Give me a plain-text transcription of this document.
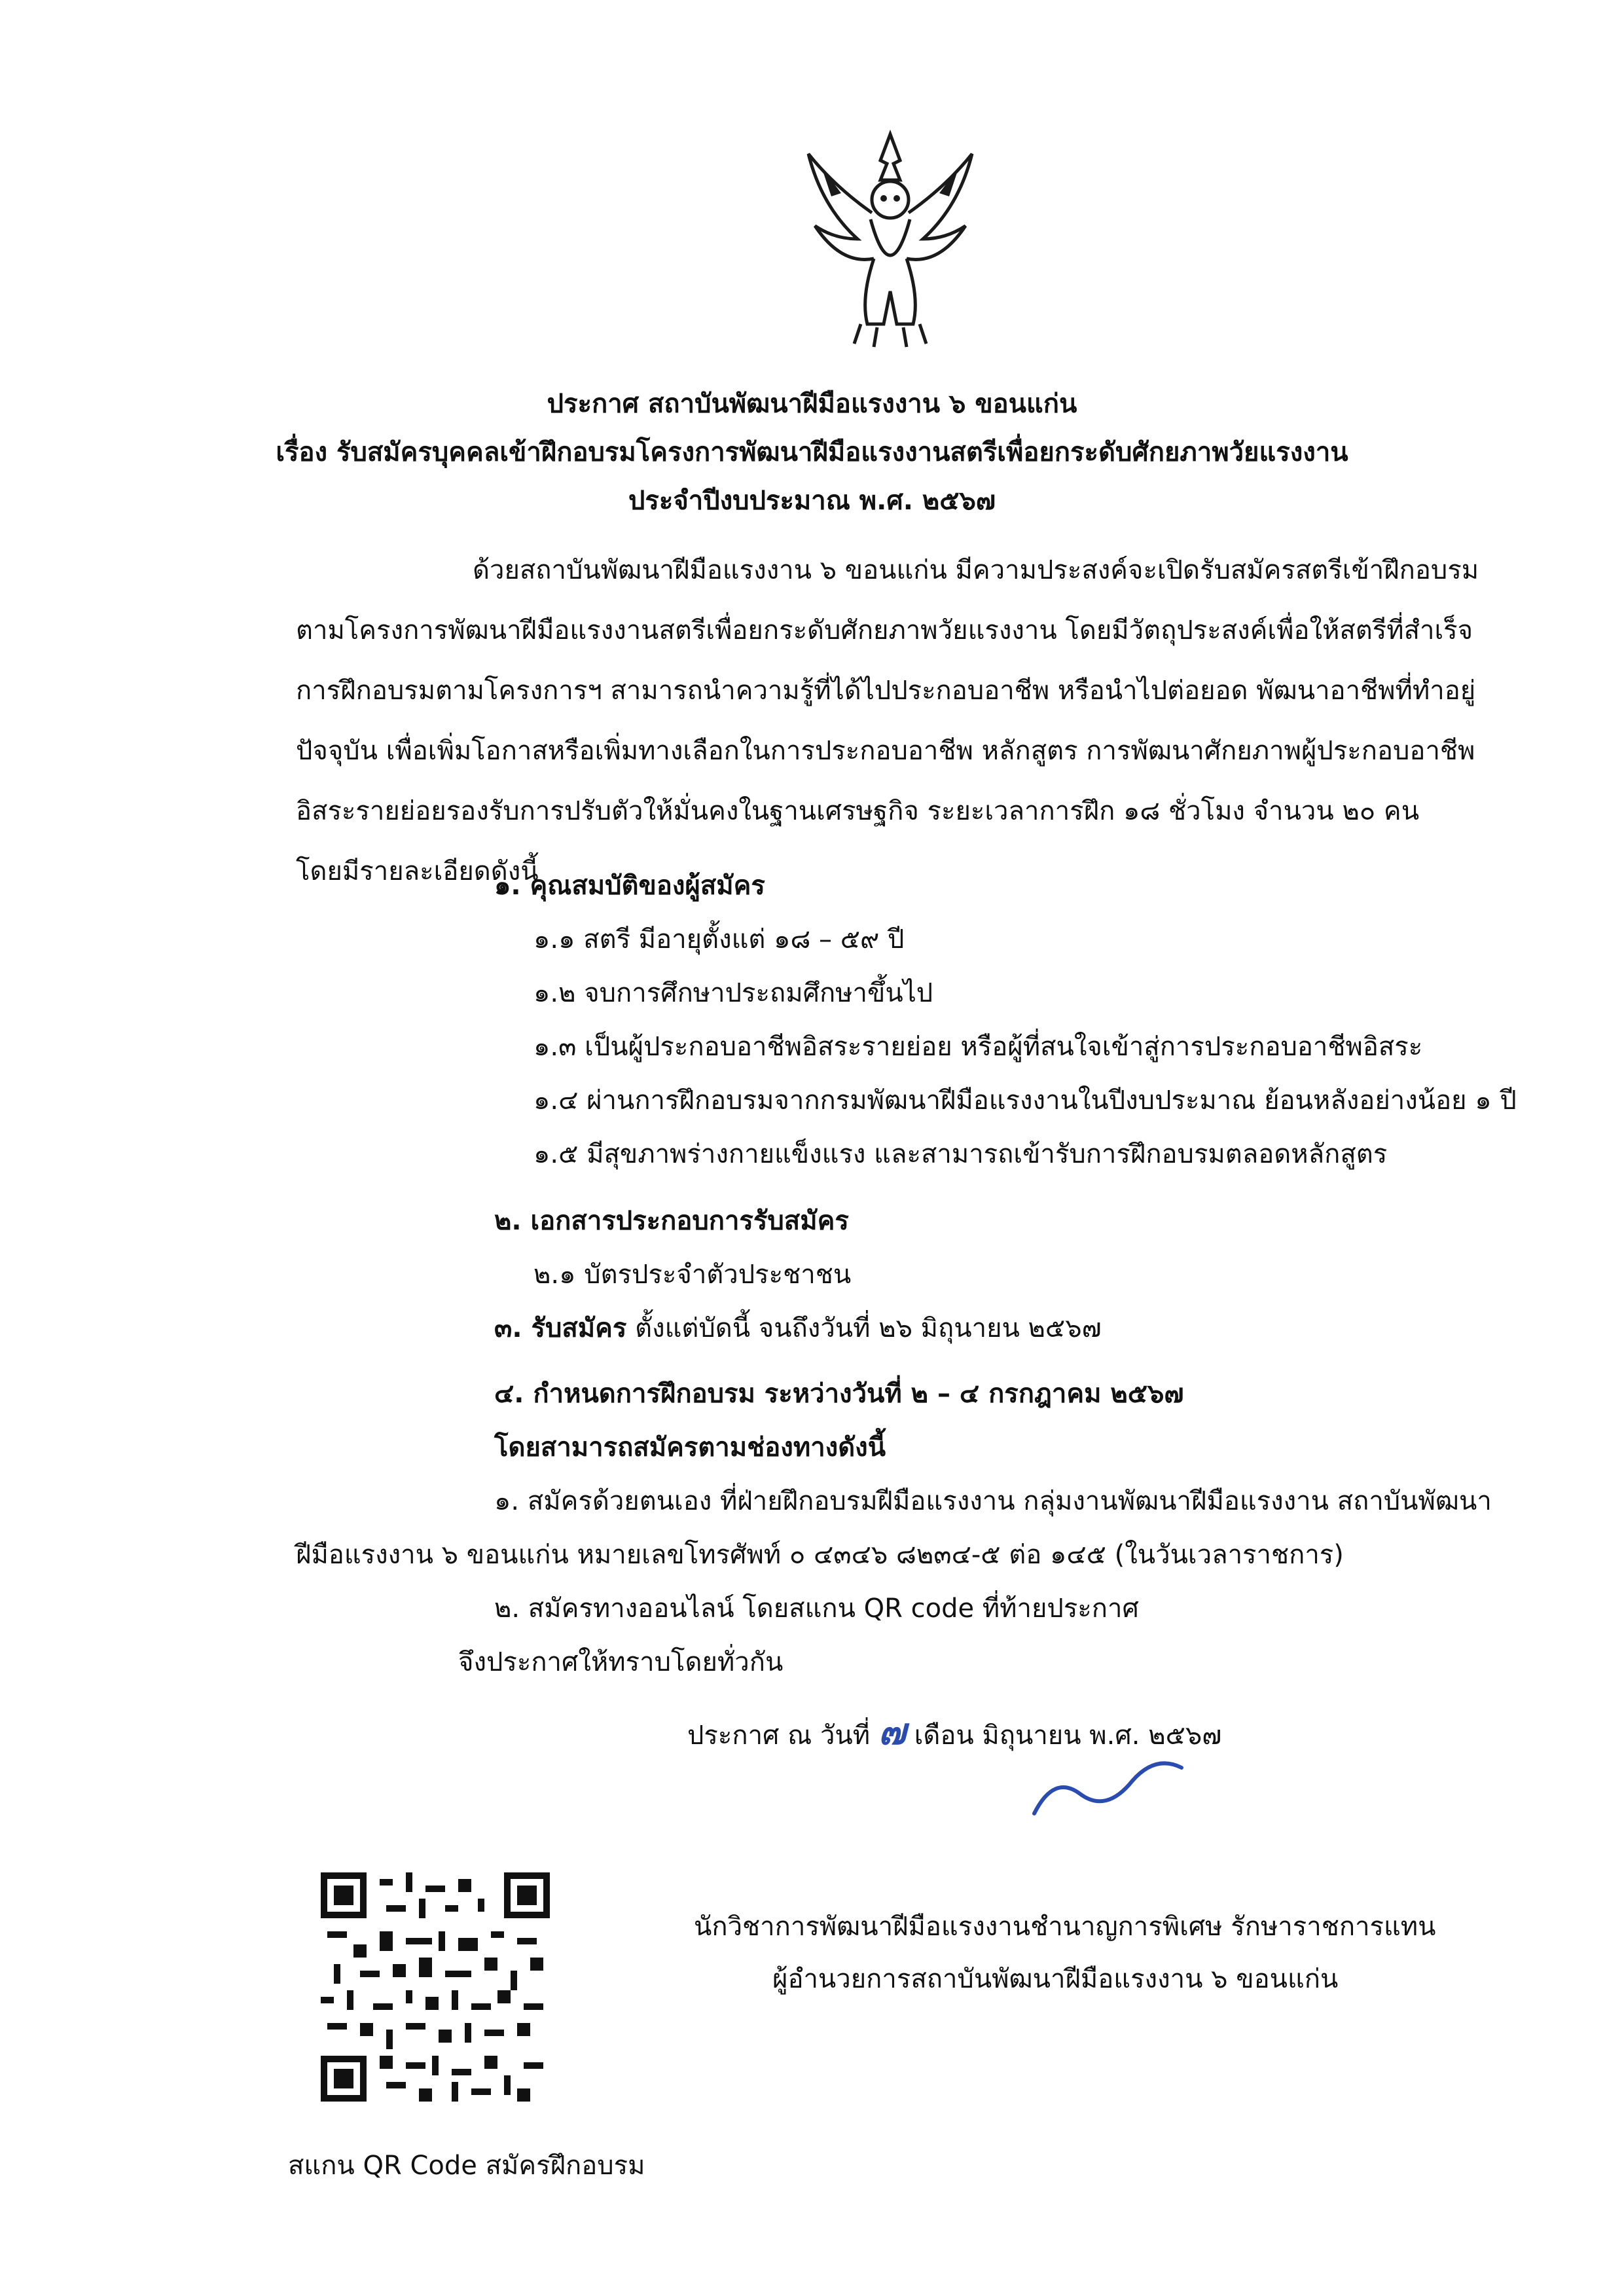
ประกาศ สถาบันพัฒนาฝีมือแรงงาน ๖ ขอนแก่น
เรื่อง รับสมัครบุคคลเข้าฝึกอบรมโครงการพัฒนาฝีมือแรงงานสตรีเพื่อยกระดับศักยภาพวัยแรงงาน
ประจำปีงบประมาณ พ.ศ. ๒๕๖๗
ด้วยสถาบันพัฒนาฝีมือแรงงาน ๖ ขอนแก่น มีความประสงค์จะเปิดรับสมัครสตรีเข้าฝึกอบรม
ตามโครงการพัฒนาฝีมือแรงงานสตรีเพื่อยกระดับศักยภาพวัยแรงงาน โดยมีวัตถุประสงค์เพื่อให้สตรีที่สำเร็จ
การฝึกอบรมตามโครงการฯ สามารถนำความรู้ที่ได้ไปประกอบอาชีพ หรือนำไปต่อยอด พัฒนาอาชีพที่ทำอยู่
ปัจจุบัน เพื่อเพิ่มโอกาสหรือเพิ่มทางเลือกในการประกอบอาชีพ หลักสูตร การพัฒนาศักยภาพผู้ประกอบอาชีพ
อิสระรายย่อยรองรับการปรับตัวให้มั่นคงในฐานเศรษฐกิจ ระยะเวลาการฝึก ๑๘ ชั่วโมง จำนวน ๒๐ คน
โดยมีรายละเอียดดังนี้
๑. คุณสมบัติของผู้สมัคร
๑.๑ สตรี มีอายุตั้งแต่ ๑๘ – ๕๙ ปี
๑.๒ จบการศึกษาประถมศึกษาขึ้นไป
๑.๓ เป็นผู้ประกอบอาชีพอิสระรายย่อย หรือผู้ที่สนใจเข้าสู่การประกอบอาชีพอิสระ
๑.๔ ผ่านการฝึกอบรมจากกรมพัฒนาฝีมือแรงงานในปีงบประมาณ ย้อนหลังอย่างน้อย ๑ ปี
๑.๕ มีสุขภาพร่างกายแข็งแรง และสามารถเข้ารับการฝึกอบรมตลอดหลักสูตร
๒. เอกสารประกอบการรับสมัคร
๒.๑ บัตรประจำตัวประชาชน
๓. รับสมัคร ตั้งแต่บัดนี้ จนถึงวันที่ ๒๖ มิถุนายน ๒๕๖๗
๔. กำหนดการฝึกอบรม ระหว่างวันที่ ๒ – ๔ กรกฎาคม ๒๕๖๗
โดยสามารถสมัครตามช่องทางดังนี้
๑. สมัครด้วยตนเอง ที่ฝ่ายฝึกอบรมฝีมือแรงงาน กลุ่มงานพัฒนาฝีมือแรงงาน สถาบันพัฒนา
ฝีมือแรงงาน ๖ ขอนแก่น หมายเลขโทรศัพท์ ๐ ๔๓๔๖ ๘๒๓๔-๕ ต่อ ๑๔๕ (ในวันเวลาราชการ)
๒. สมัครทางออนไลน์ โดยสแกน QR code ที่ท้ายประกาศ
จึงประกาศให้ทราบโดยทั่วกัน
ประกาศ ณ วันที่ ๗ เดือน มิถุนายน พ.ศ. ๒๕๖๗
นักวิชาการพัฒนาฝีมือแรงงานชำนาญการพิเศษ รักษาราชการแทน
ผู้อำนวยการสถาบันพัฒนาฝีมือแรงงาน ๖ ขอนแก่น
สแกน QR Code สมัครฝึกอบรม
